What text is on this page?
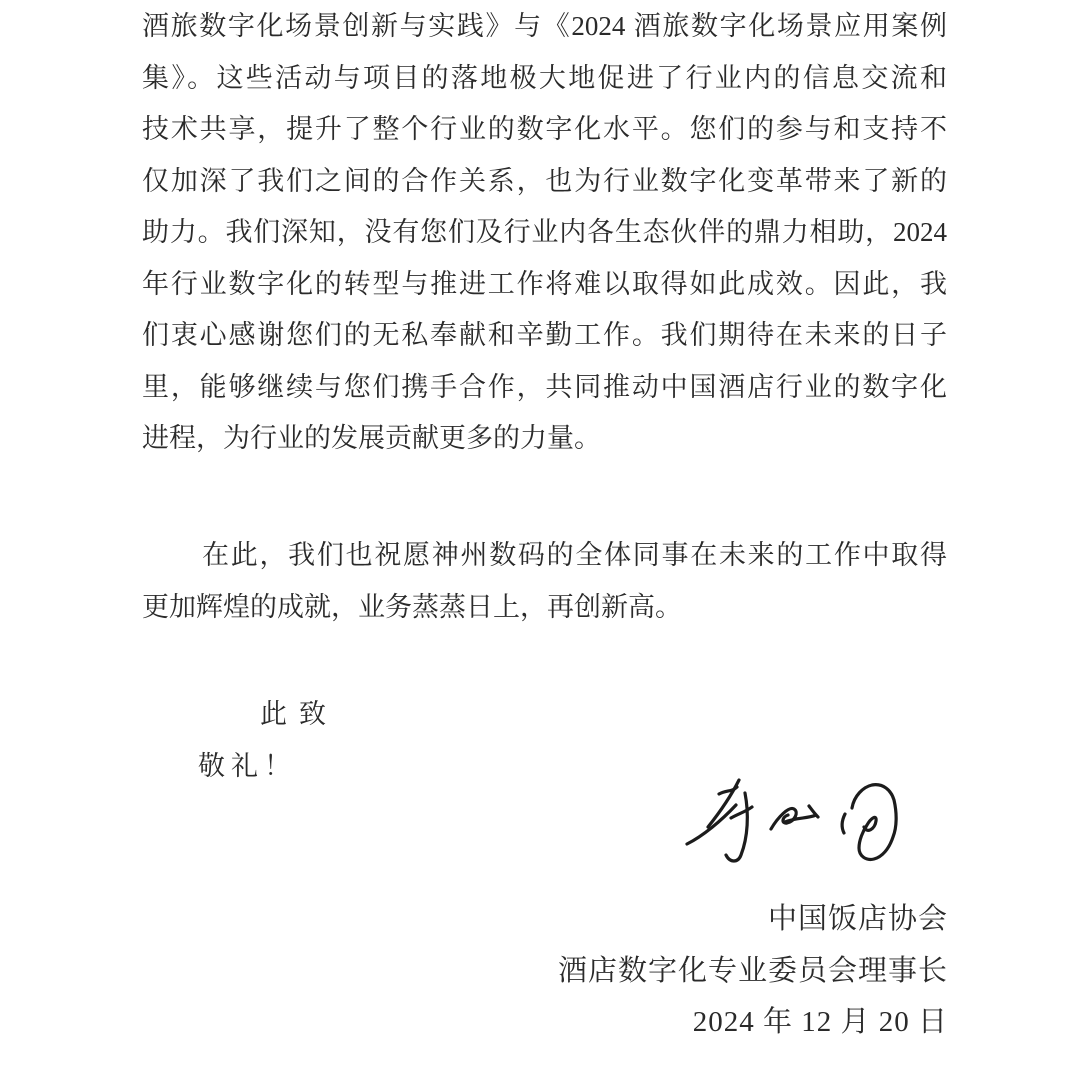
酒旅数字化场景创新与实践》与《2024 酒旅数字化场景应用案例
集》。这些活动与项目的落地极大地促进了行业内的信息交流和
技术共享，提升了整个行业的数字化水平。您们的参与和支持不
仅加深了我们之间的合作关系，也为行业数字化变革带来了新的
助力。我们深知，没有您们及行业内各生态伙伴的鼎力相助，2024
年行业数字化的转型与推进工作将难以取得如此成效。因此，我
们衷心感谢您们的无私奉献和辛勤工作。我们期待在未来的日子
里，能够继续与您们携手合作，共同推动中国酒店行业的数字化
进程，为行业的发展贡献更多的力量。
在此，我们也祝愿神州数码的全体同事在未来的工作中取得
更加辉煌的成就，业务蒸蒸日上，再创新高。
此致
敬礼！
中国饭店协会
酒店数字化专业委员会理事长
2024 年 12 月 20 日
